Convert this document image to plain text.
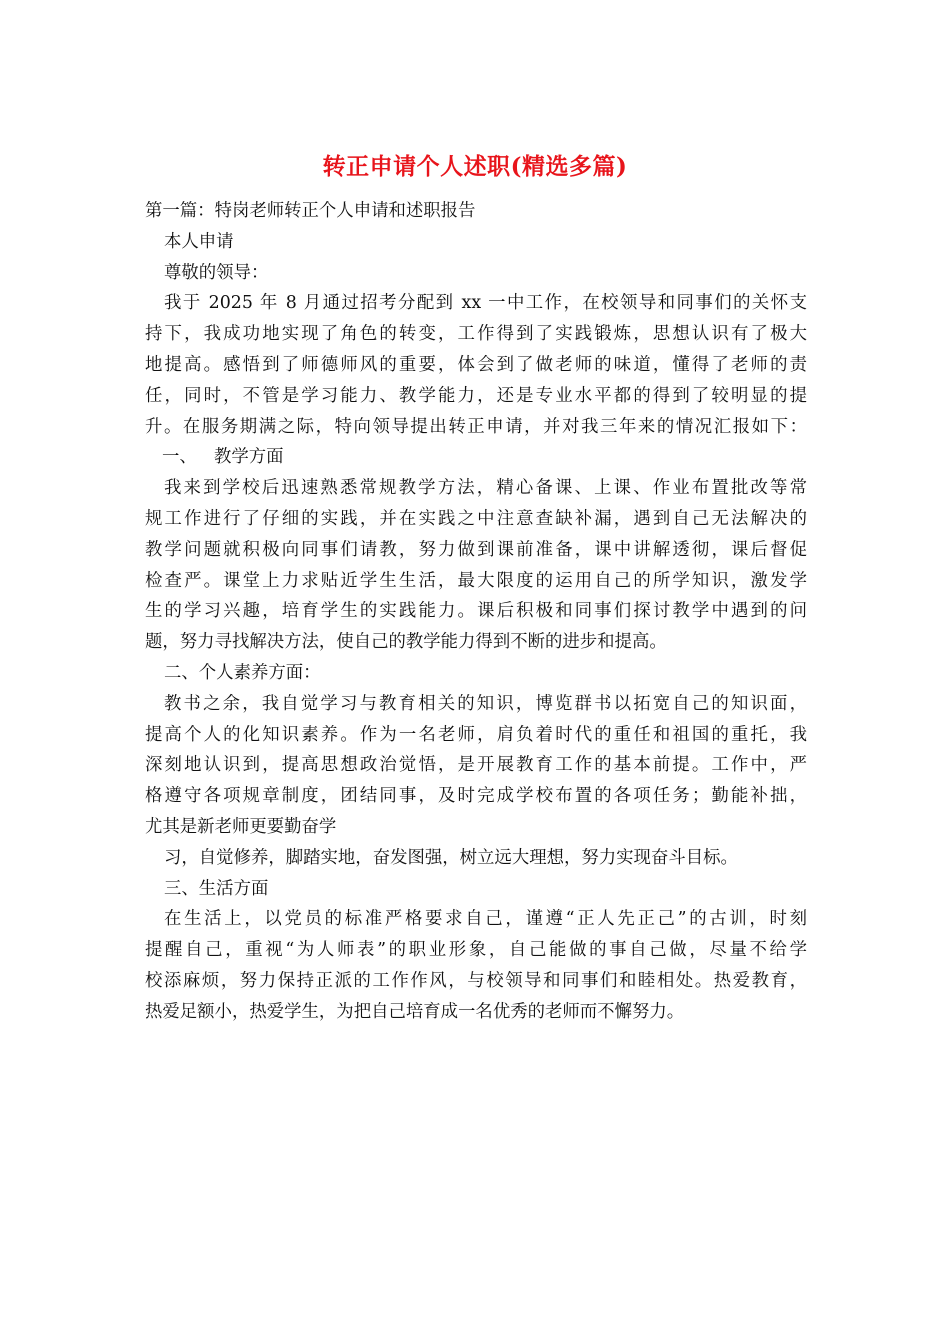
转正申请个人述职(精选多篇)
第一篇：特岗老师转正个人申请和述职报告
本人申请
尊敬的领导：
我于 2025 年 8 月通过招考分配到 xx 一中工作，在校领导和同事们的关怀支
持下，我成功地实现了角色的转变，工作得到了实践锻炼，思想认识有了极大
地提高。感悟到了师德师风的重要，体会到了做老师的味道，懂得了老师的责
任，同时，不管是学习能力、教学能力，还是专业水平都的得到了较明显的提
升。在服务期满之际，特向领导提出转正申请，并对我三年来的情况汇报如下：
一、 教学方面
我来到学校后迅速熟悉常规教学方法，精心备课、上课、作业布置批改等常
规工作进行了仔细的实践，并在实践之中注意查缺补漏，遇到自己无法解决的
教学问题就积极向同事们请教，努力做到课前准备，课中讲解透彻，课后督促
检查严。课堂上力求贴近学生生活，最大限度的运用自己的所学知识，激发学
生的学习兴趣，培育学生的实践能力。课后积极和同事们探讨教学中遇到的问
题，努力寻找解决方法，使自己的教学能力得到不断的进步和提高。
二、个人素养方面：
教书之余，我自觉学习与教育相关的知识，博览群书以拓宽自己的知识面，
提高个人的化知识素养。作为一名老师，肩负着时代的重任和祖国的重托，我
深刻地认识到，提高思想政治觉悟，是开展教育工作的基本前提。工作中，严
格遵守各项规章制度，团结同事，及时完成学校布置的各项任务；勤能补拙，
尤其是新老师更要勤奋学
习，自觉修养，脚踏实地，奋发图强，树立远大理想，努力实现奋斗目标。
三、生活方面
在生活上，以党员的标准严格要求自己，谨遵“正人先正己”的古训，时刻
提醒自己，重视“为人师表”的职业形象，自己能做的事自己做，尽量不给学
校添麻烦，努力保持正派的工作作风，与校领导和同事们和睦相处。热爱教育，
热爱足额小，热爱学生，为把自己培育成一名优秀的老师而不懈努力。
